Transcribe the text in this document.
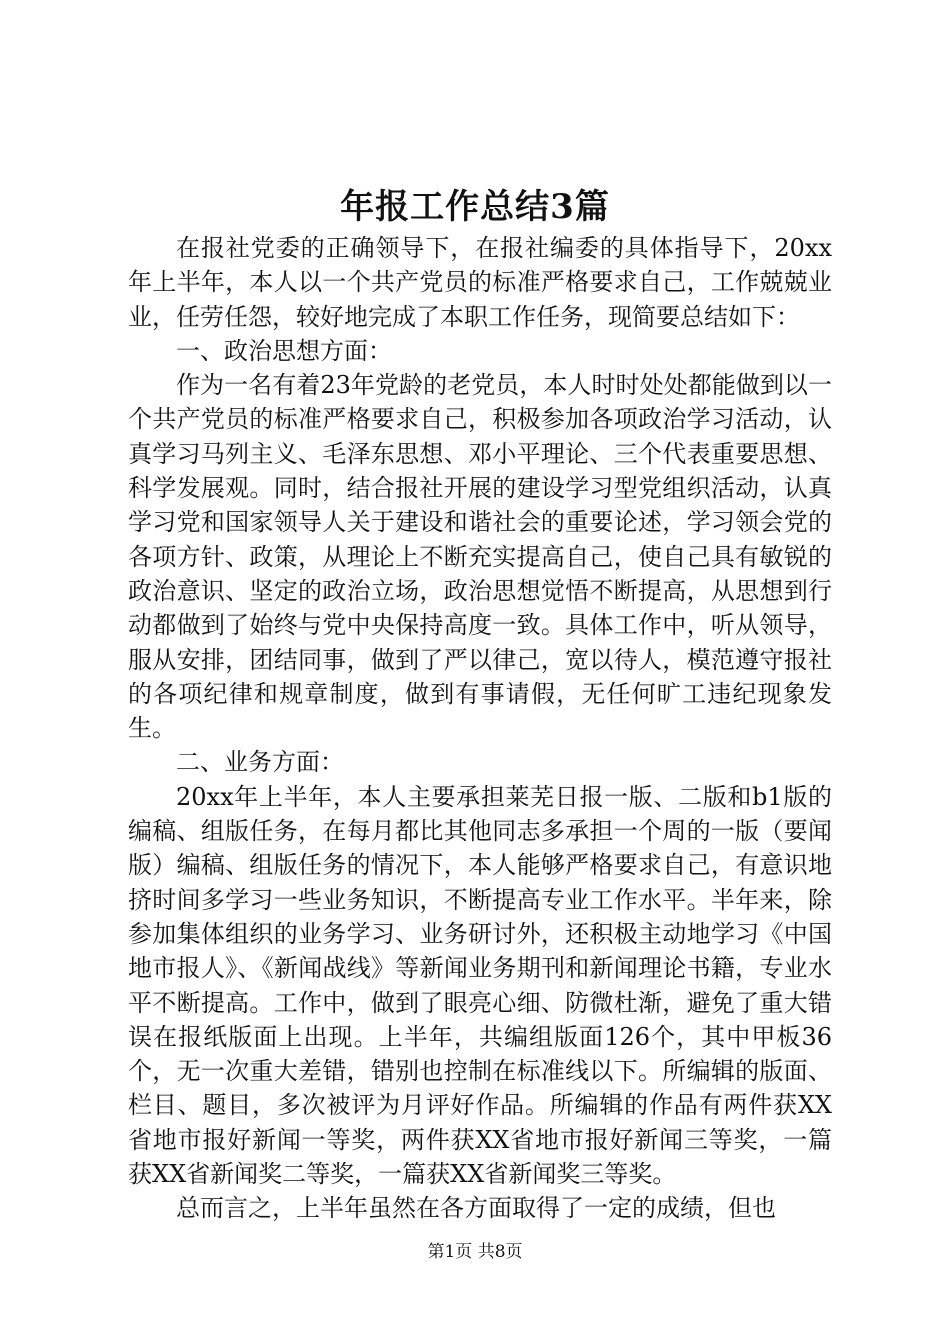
年报工作总结3篇

在报社党委的正确领导下，在报社编委的具体指导下，20xx年上半年，本人以一个共产党员的标准严格要求自己，工作兢兢业业，任劳任怨，较好地完成了本职工作任务，现简要总结如下：

一、政治思想方面：

作为一名有着23年党龄的老党员，本人时时处处都能做到以一个共产党员的标准严格要求自己，积极参加各项政治学习活动，认真学习马列主义、毛泽东思想、邓小平理论、三个代表重要思想、科学发展观。同时，结合报社开展的建设学习型党组织活动，认真学习党和国家领导人关于建设和谐社会的重要论述，学习领会党的各项方针、政策，从理论上不断充实提高自己，使自己具有敏锐的政治意识、坚定的政治立场，政治思想觉悟不断提高，从思想到行动都做到了始终与党中央保持高度一致。具体工作中，听从领导，服从安排，团结同事，做到了严以律己，宽以待人，模范遵守报社的各项纪律和规章制度，做到有事请假，无任何旷工违纪现象发生。

二、业务方面：

20xx年上半年，本人主要承担莱芜日报一版、二版和b1版的编稿、组版任务，在每月都比其他同志多承担一个周的一版（要闻版）编稿、组版任务的情况下，本人能够严格要求自己，有意识地挤时间多学习一些业务知识，不断提高专业工作水平。半年来，除参加集体组织的业务学习、业务研讨外，还积极主动地学习《中国地市报人》、《新闻战线》等新闻业务期刊和新闻理论书籍，专业水平不断提高。工作中，做到了眼亮心细、防微杜渐，避免了重大错误在报纸版面上出现。上半年，共编组版面126个，其中甲板36个，无一次重大差错，错别也控制在标准线以下。所编辑的版面、栏目、题目，多次被评为月评好作品。所编辑的作品有两件获XX省地市报好新闻一等奖，两件获XX省地市报好新闻三等奖，一篇获XX省新闻奖二等奖，一篇获XX省新闻奖三等奖。

总而言之，上半年虽然在各方面取得了一定的成绩，但也

第1页 共8页
